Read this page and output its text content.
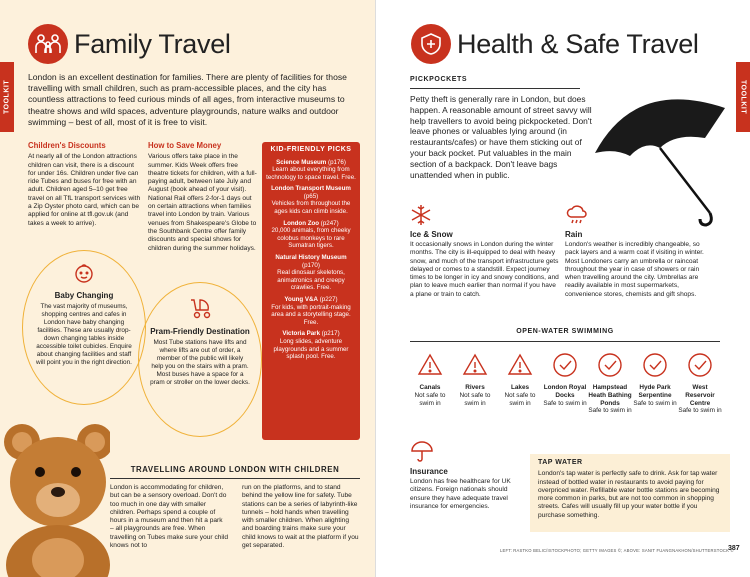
TOOLKIT
Family Travel

London is an excellent destination for families. There are plenty of facilities for those travelling with small children, such as pram-accessible places, and the city has countless attractions to feed curious minds of all ages, from interactive museums to theatre shows and wild spaces, adventure playgrounds, nature walks and outdoor swimming – best of all, most of it is free to visit.

Children's Discounts

At nearly all of the London attractions children can visit, there is a discount for under 16s. Children under five can ride Tubes and buses for free with an adult. Children aged 5–10 get free travel on all TfL transport services with a Zip Oyster photo card, which can be applied for online at tfl.gov.uk (and takes a week to arrive).

How to Save Money

Various offers take place in the summer. Kids Week offers free theatre tickets for children, with a full-paying adult, between late July and August (book ahead of your visit). National Rail offers 2-for-1 days out on certain attractions when families travel into London by train. Various venues from Shakespeare's Globe to the Southbank Centre offer family discounts and special shows for children during the summer holidays.

Baby Changing

The vast majority of museums, shopping centres and cafes in London have baby changing facilities. These are usually drop-down changing tables inside accessible toilet cubicles. Enquire about changing facilities and staff will point you in the right direction.

Pram-Friendly Destination

Most Tube stations have lifts and where lifts are out of order, a member of the public will likely help you on the stairs with a pram. Most buses have a space for a pram or stroller on the lower decks.

KID-FRIENDLY PICKS
Science Museum (p176)
Learn about everything from technology to space travel. Free.
London Transport Museum (p65)
Vehicles from throughout the ages kids can climb inside.
London Zoo (p247)
20,000 animals, from cheeky colobus monkeys to rare Sumatran tigers.
Natural History Museum (p170)
Real dinosaur skeletons, animatronics and creepy crawlies. Free.
Young V&A (p227)
For kids, with portrait-making area and a storytelling stage. Free.
Victoria Park (p217)
Long slides, adventure playgrounds and a summer splash pool. Free.
TRAVELLING AROUND LONDON WITH CHILDREN

London is accommodating for children, but can be a sensory overload. Don't do too much in one day with smaller children. Perhaps spend a couple of hours in a museum and then hit a park – all playgrounds are free. When travelling on Tubes make sure your child knows not to

run on the platforms, and to stand behind the yellow line for safety. Tube stations can be a series of labyrinth-like tunnels – hold hands when travelling with smaller children. When alighting and boarding trains make sure your child knows to wait at the platform if you get separated.

TOOLKIT
Health & Safe Travel
PICKPOCKETS

Petty theft is generally rare in London, but does happen. A reasonable amount of street savvy will help travellers to avoid being pickpocketed. Don't leave phones or valuables lying around (in restaurants/cafes) or have them sticking out of your back pocket. Put valuables in the main section of a backpack. Don't leave bags unattended when in public.

Ice & Snow

It occasionally snows in London during the winter months. The city is ill-equipped to deal with heavy snow, and much of the transport infrastructure gets delayed or comes to a standstill. Expect journey times to be longer in icy and snowy conditions, and plan to leave much earlier than normal if you have a plane or train to catch.

Rain

London's weather is incredibly changeable, so pack layers and a warm coat if visiting in winter. Most Londoners carry an umbrella or raincoat throughout the year in case of showers or rain when travelling around the city. Umbrellas are readily available in most supermarkets, convenience stores, chemists and gift shops.

OPEN-WATER SWIMMING
Canals
Not safe to swim in
Rivers
Not safe to swim in
Lakes
Not safe to swim in
London Royal Docks
Safe to swim in
Hampstead Heath Bathing Ponds
Safe to swim in
Hyde Park Serpentine
Safe to swim in
West Reservoir Centre
Safe to swim in
Insurance

London has free healthcare for UK citizens. Foreign nationals should ensure they have adequate travel insurance for emergencies.

TAP WATER

London's tap water is perfectly safe to drink. Ask for tap water instead of bottled water in restaurants to avoid paying for overpriced water. Refillable water bottle stations are becoming more common in parks, but are not too common in shopping streets. Cafes will usually fill up your water bottle if you purchase something.

LEFT: RASTKO BELIC/ISTOCKPHOTO; GETTY IMAGES ©; ABOVE: SANIT FUANGNAKHON/SHUTTERSTOCK ©
387
